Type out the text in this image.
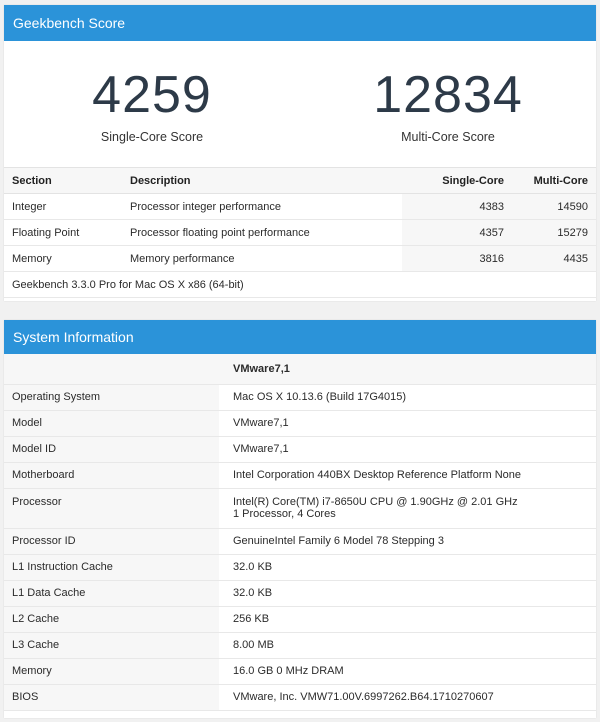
Geekbench Score
4259
Single-Core Score
12834
Multi-Core Score
Section	Description	Single-Core	Multi-Core
Integer	Processor integer performance	4383	14590
Floating Point	Processor floating point performance	4357	15279
Memory	Memory performance	3816	4435
Geekbench 3.3.0 Pro for Mac OS X x86 (64-bit)			
System Information
	VMware7,1
Operating System	Mac OS X 10.13.6 (Build 17G4015)
Model	VMware7,1
Model ID	VMware7,1
Motherboard	Intel Corporation 440BX Desktop Reference Platform None
Processor	Intel(R) Core(TM) i7-8650U CPU @ 1.90GHz @ 2.01 GHz
1 Processor, 4 Cores

Processor ID	GenuineIntel Family 6 Model 78 Stepping 3
L1 Instruction Cache	32.0 KB
L1 Data Cache	32.0 KB
L2 Cache	256 KB
L3 Cache	8.00 MB
Memory	16.0 GB 0 MHz DRAM
BIOS	VMware, Inc. VMW71.00V.6997262.B64.1710270607
